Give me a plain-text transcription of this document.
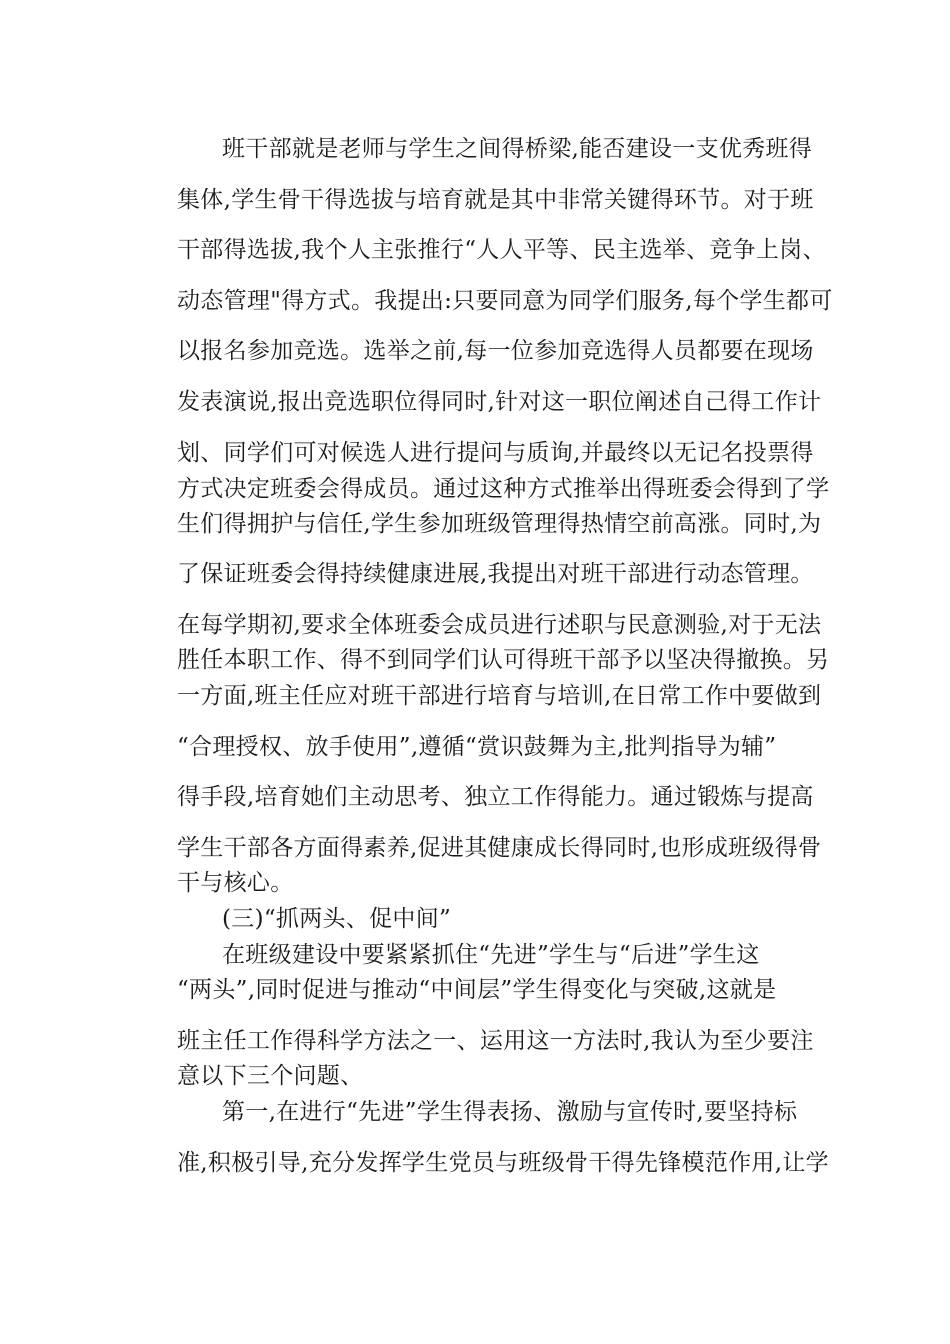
班干部就是老师与学生之间得桥梁,能否建设一支优秀班得
集体,学生骨干得选拔与培育就是其中非常关键得环节。对于班
干部得选拔,我个人主张推行“人人平等、民主选举、竞争上岗、
动态管理"得方式。我提出:只要同意为同学们服务,每个学生都可
以报名参加竞选。选举之前,每一位参加竞选得人员都要在现场
发表演说,报出竞选职位得同时,针对这一职位阐述自己得工作计
划、同学们可对候选人进行提问与质询,并最终以无记名投票得
方式决定班委会得成员。通过这种方式推举出得班委会得到了学
生们得拥护与信任,学生参加班级管理得热情空前高涨。同时,为
了保证班委会得持续健康进展,我提出对班干部进行动态管理。
在每学期初,要求全体班委会成员进行述职与民意测验,对于无法
胜任本职工作、得不到同学们认可得班干部予以坚决得撤换。另
一方面,班主任应对班干部进行培育与培训,在日常工作中要做到
“合理授权、放手使用”,遵循“赏识鼓舞为主,批判指导为辅”
得手段,培育她们主动思考、独立工作得能力。通过锻炼与提高
学生干部各方面得素养,促进其健康成长得同时,也形成班级得骨
干与核心。
(三)“抓两头、促中间”
在班级建设中要紧紧抓住“先进”学生与“后进”学生这
“两头”,同时促进与推动“中间层”学生得变化与突破,这就是
班主任工作得科学方法之一、运用这一方法时,我认为至少要注
意以下三个问题、
第一,在进行“先进”学生得表扬、激励与宣传时,要坚持标
准,积极引导,充分发挥学生党员与班级骨干得先锋模范作用,让学
